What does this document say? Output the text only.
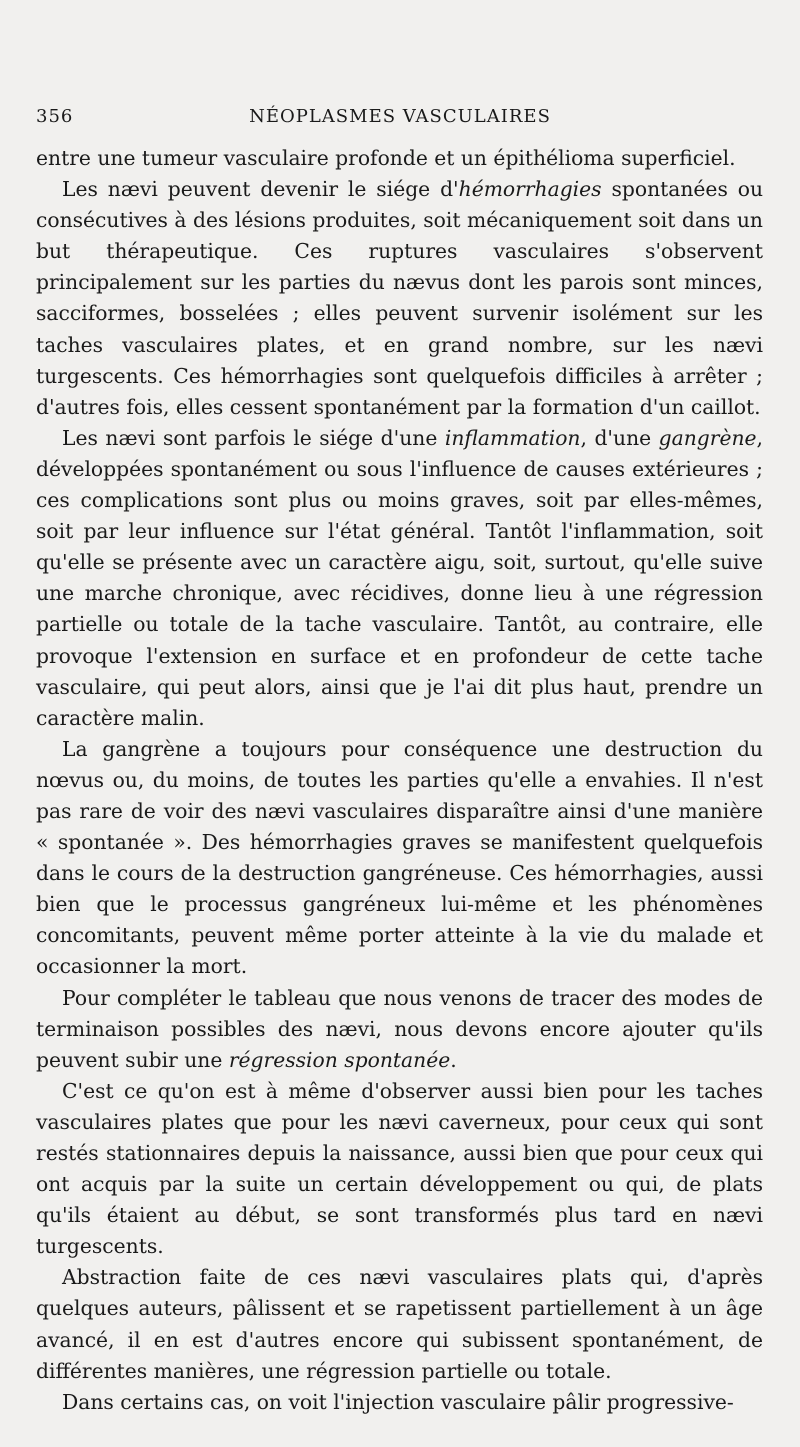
356	NÉOPLASMES VASCULAIRES

entre une tumeur vasculaire profonde et un épithélioma superficiel.

Les nævi peuvent devenir le siége d'hémorrhagies spontanées ou consécutives à des lésions produites, soit mécaniquement soit dans un but thérapeutique. Ces ruptures vasculaires s'observent principalement sur les parties du nævus dont les parois sont minces, sacciformes, bosselées ; elles peuvent survenir isolément sur les taches vasculaires plates, et en grand nombre, sur les nævi turgescents. Ces hémorrhagies sont quelquefois difficiles à arrêter ; d'autres fois, elles cessent spontanément par la formation d'un caillot.

Les nævi sont parfois le siége d'une inflammation, d'une gangrène, développées spontanément ou sous l'influence de causes extérieures ; ces complications sont plus ou moins graves, soit par elles-mêmes, soit par leur influence sur l'état général. Tantôt l'inflammation, soit qu'elle se présente avec un caractère aigu, soit, surtout, qu'elle suive une marche chronique, avec récidives, donne lieu à une régression partielle ou totale de la tache vasculaire. Tantôt, au contraire, elle provoque l'extension en surface et en profondeur de cette tache vasculaire, qui peut alors, ainsi que je l'ai dit plus haut, prendre un caractère malin.

La gangrène a toujours pour conséquence une destruction du nœvus ou, du moins, de toutes les parties qu'elle a envahies. Il n'est pas rare de voir des nævi vasculaires disparaître ainsi d'une manière « spontanée ». Des hémorrhagies graves se manifestent quelquefois dans le cours de la destruction gangréneuse. Ces hémorrhagies, aussi bien que le processus gangréneux lui-même et les phénomènes concomitants, peuvent même porter atteinte à la vie du malade et occasionner la mort.

Pour compléter le tableau que nous venons de tracer des modes de terminaison possibles des nævi, nous devons encore ajouter qu'ils peuvent subir une régression spontanée.

C'est ce qu'on est à même d'observer aussi bien pour les taches vasculaires plates que pour les nævi caverneux, pour ceux qui sont restés stationnaires depuis la naissance, aussi bien que pour ceux qui ont acquis par la suite un certain développement ou qui, de plats qu'ils étaient au début, se sont transformés plus tard en nævi turgescents.

Abstraction faite de ces nævi vasculaires plats qui, d'après quelques auteurs, pâlissent et se rapetissent partiellement à un âge avancé, il en est d'autres encore qui subissent spontanément, de différentes manières, une régression partielle ou totale.

Dans certains cas, on voit l'injection vasculaire pâlir progressive-
